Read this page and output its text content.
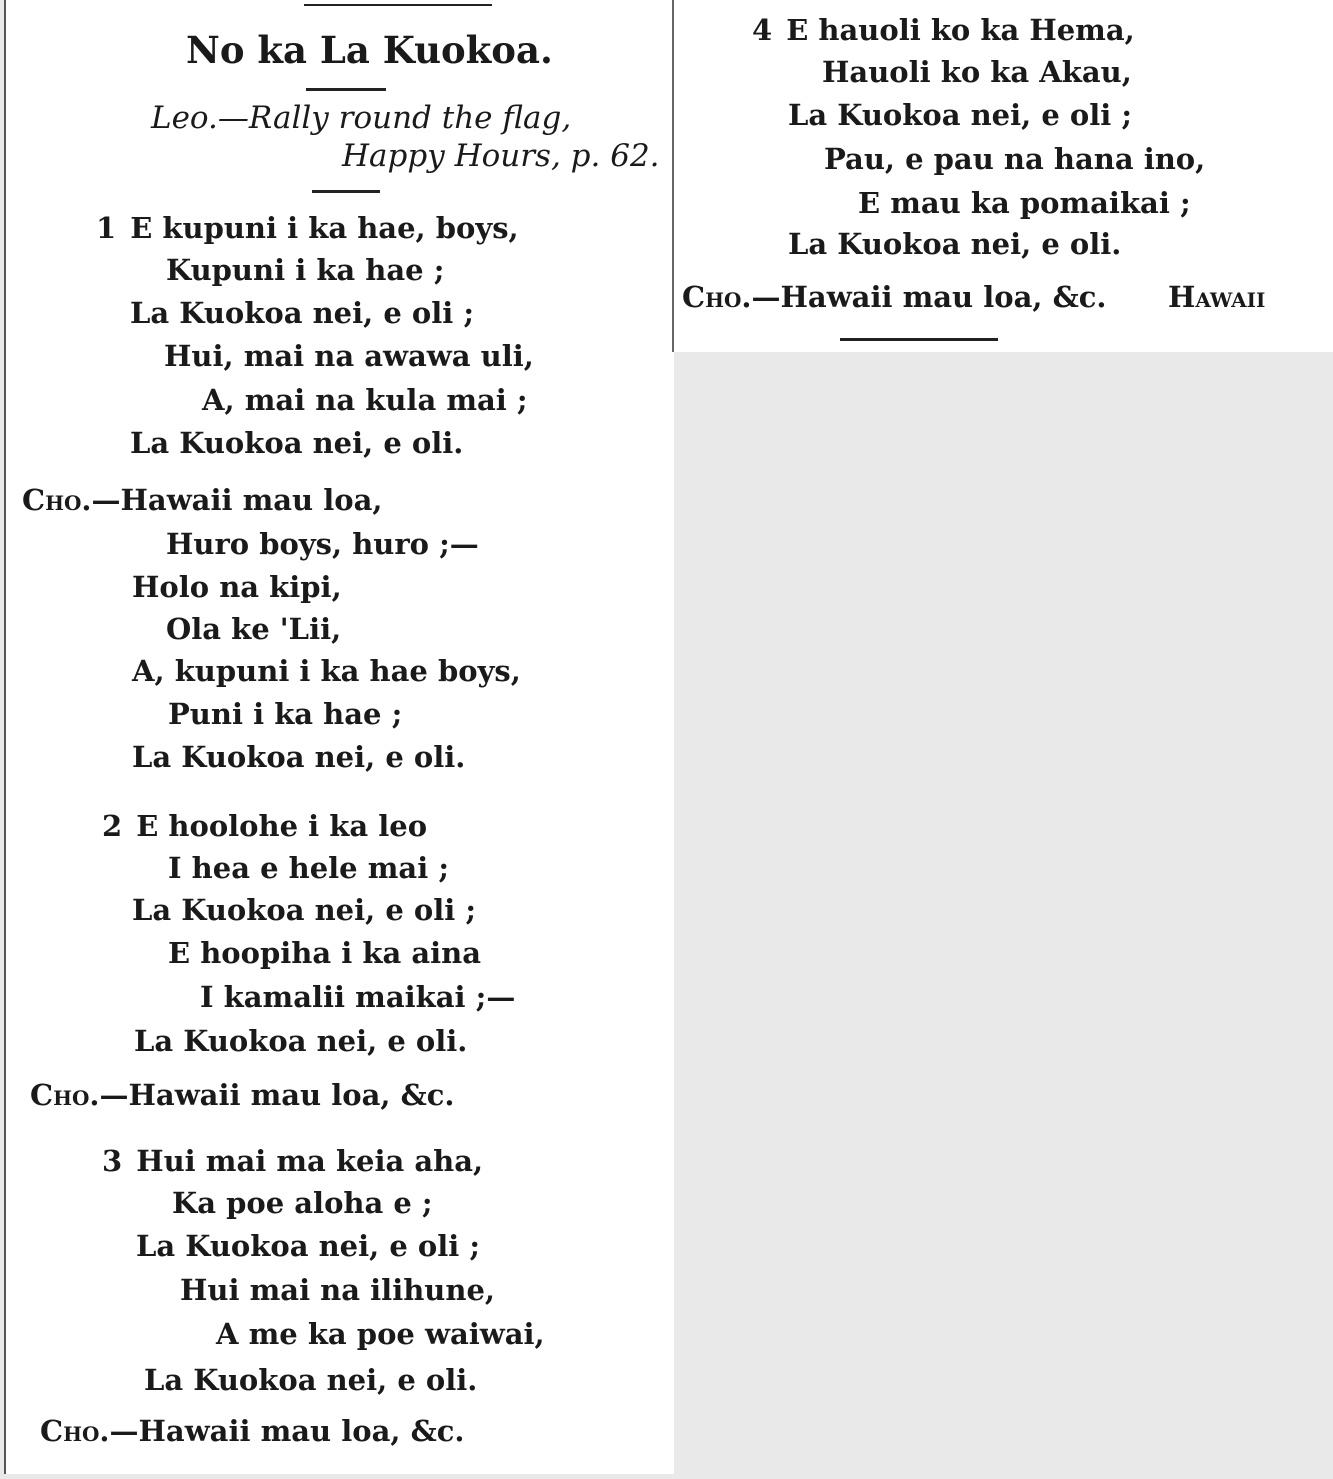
No ka La Kuokoa.
Leo.—Rally round the flag,
Happy Hours, p. 62.
1 E kupuni i ka hae, boys,
Kupuni i ka hae ;
La Kuokoa nei, e oli ;
Hui, mai na awawa uli,
A, mai na kula mai ;
La Kuokoa nei, e oli.
Cho.—Hawaii mau loa,
Huro boys, huro ;—
Holo na kipi,
Ola ke 'Lii,
A, kupuni i ka hae boys,
Puni i ka hae ;
La Kuokoa nei, e oli.
2 E hoolohe i ka leo
I hea e hele mai ;
La Kuokoa nei, e oli ;
E hoopiha i ka aina
I kamalii maikai ;—
La Kuokoa nei, e oli.
Cho.—Hawaii mau loa, &c.
3 Hui mai ma keia aha,
Ka poe aloha e ;
La Kuokoa nei, e oli ;
Hui mai na ilihune,
A me ka poe waiwai,
La Kuokoa nei, e oli.
Cho.—Hawaii mau loa, &c.
4 E hauoli ko ka Hema,
Hauoli ko ka Akau,
La Kuokoa nei, e oli ;
Pau, e pau na hana ino,
E mau ka pomaikai ;
La Kuokoa nei, e oli.
Cho.—Hawaii mau loa, &c. Hawaii
